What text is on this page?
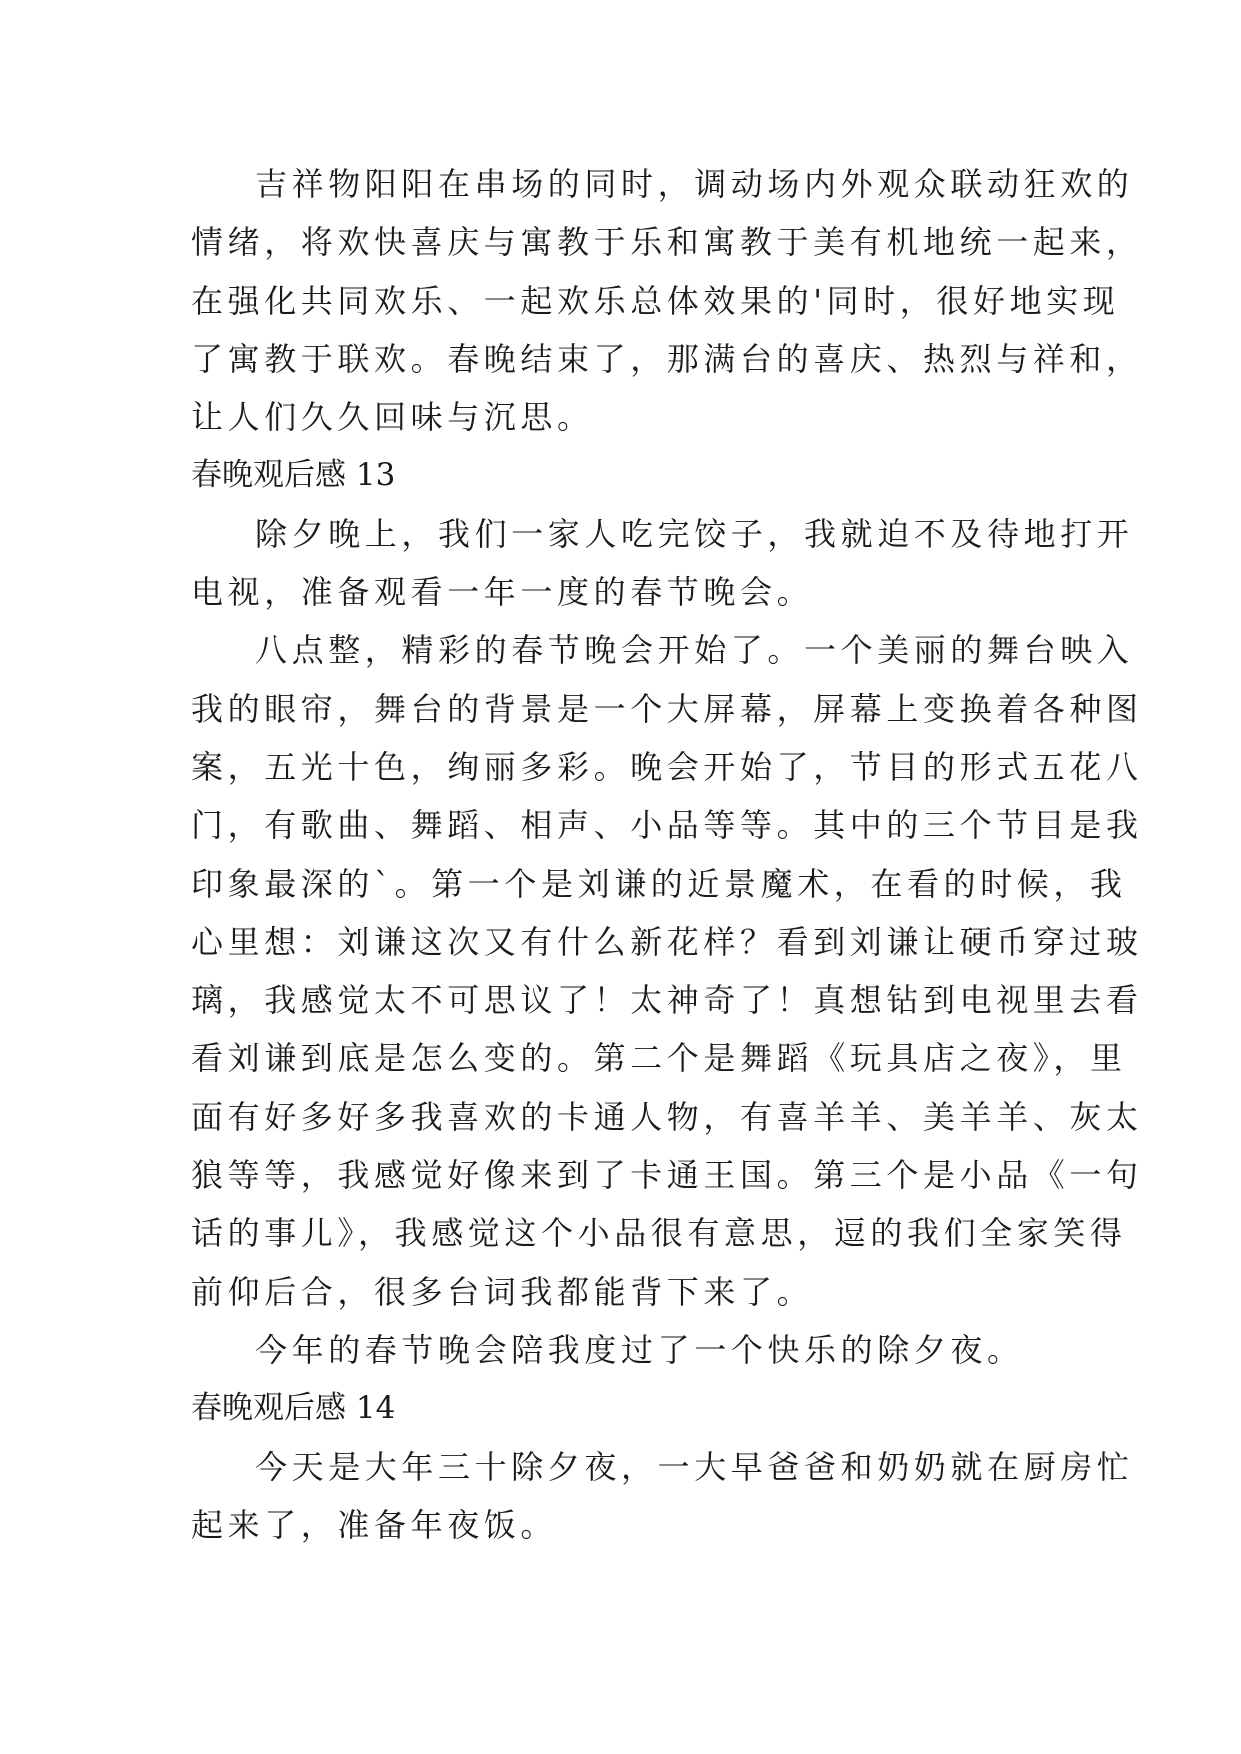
吉祥物阳阳在串场的同时，调动场内外观众联动狂欢的
情绪，将欢快喜庆与寓教于乐和寓教于美有机地统一起来，
在强化共同欢乐、一起欢乐总体效果的'同时，很好地实现
了寓教于联欢。春晚结束了，那满台的喜庆、热烈与祥和，
让人们久久回味与沉思。
春晚观后感 13
除夕晚上，我们一家人吃完饺子，我就迫不及待地打开
电视，准备观看一年一度的春节晚会。
八点整，精彩的春节晚会开始了。一个美丽的舞台映入
我的眼帘，舞台的背景是一个大屏幕，屏幕上变换着各种图
案，五光十色，绚丽多彩。晚会开始了，节目的形式五花八
门，有歌曲、舞蹈、相声、小品等等。其中的三个节目是我
印象最深的`。第一个是刘谦的近景魔术，在看的时候，我
心里想：刘谦这次又有什么新花样？看到刘谦让硬币穿过玻
璃，我感觉太不可思议了！太神奇了！真想钻到电视里去看
看刘谦到底是怎么变的。第二个是舞蹈《玩具店之夜》，里
面有好多好多我喜欢的卡通人物，有喜羊羊、美羊羊、灰太
狼等等，我感觉好像来到了卡通王国。第三个是小品《一句
话的事儿》，我感觉这个小品很有意思，逗的我们全家笑得
前仰后合，很多台词我都能背下来了。
今年的春节晚会陪我度过了一个快乐的除夕夜。
春晚观后感 14
今天是大年三十除夕夜，一大早爸爸和奶奶就在厨房忙
起来了，准备年夜饭。
